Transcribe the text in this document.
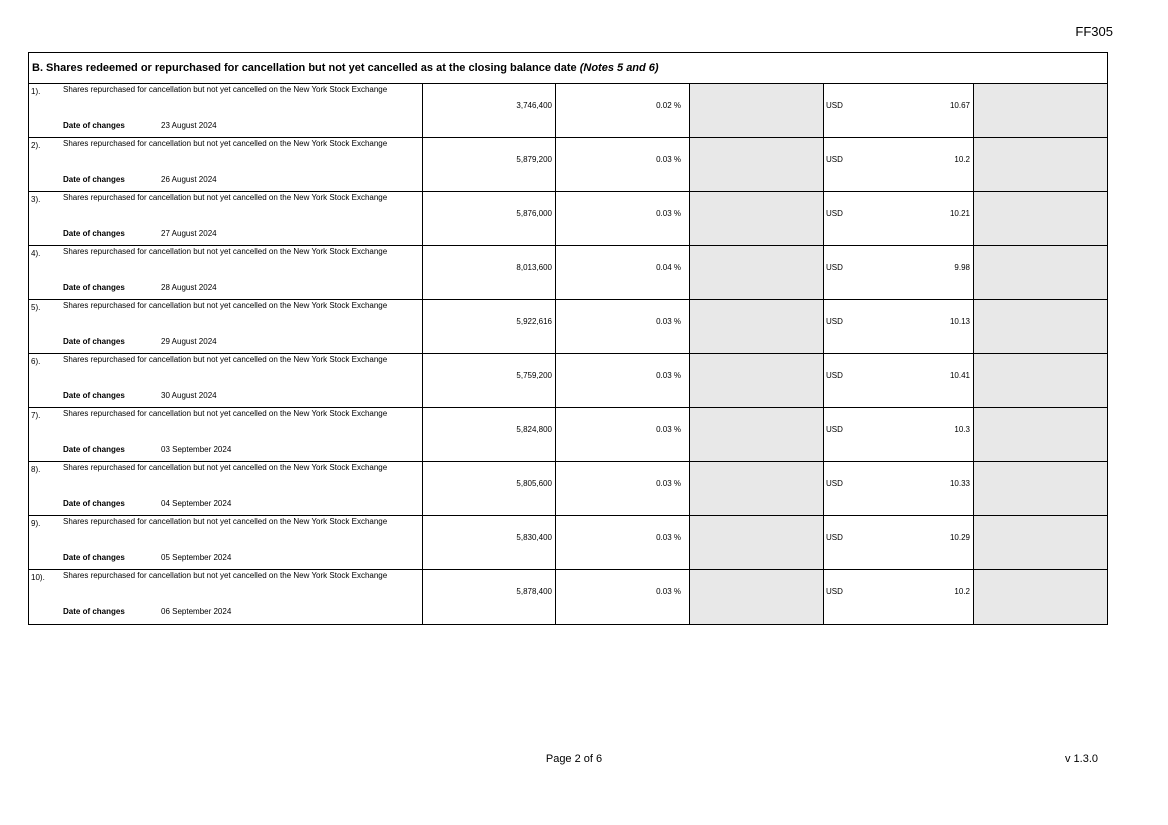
FF305
B. Shares redeemed or repurchased for cancellation but not yet cancelled as at the closing balance date (Notes 5 and 6)
1).	Shares repurchased for cancellation but not yet cancelled on the New York Stock Exchange
Date of changes	23 August 2024
3,746,400	0.02 %	USD	10.67
2).	Shares repurchased for cancellation but not yet cancelled on the New York Stock Exchange
Date of changes	26 August 2024
5,879,200	0.03 %	USD	10.2
3).	Shares repurchased for cancellation but not yet cancelled on the New York Stock Exchange
Date of changes	27 August 2024
5,876,000	0.03 %	USD	10.21
4).	Shares repurchased for cancellation but not yet cancelled on the New York Stock Exchange
Date of changes	28 August 2024
8,013,600	0.04 %	USD	9.98
5).	Shares repurchased for cancellation but not yet cancelled on the New York Stock Exchange
Date of changes	29 August 2024
5,922,616	0.03 %	USD	10.13
6).	Shares repurchased for cancellation but not yet cancelled on the New York Stock Exchange
Date of changes	30 August 2024
5,759,200	0.03 %	USD	10.41
7).	Shares repurchased for cancellation but not yet cancelled on the New York Stock Exchange
Date of changes	03 September 2024
5,824,800	0.03 %	USD	10.3
8).	Shares repurchased for cancellation but not yet cancelled on the New York Stock Exchange
Date of changes	04 September 2024
5,805,600	0.03 %	USD	10.33
9).	Shares repurchased for cancellation but not yet cancelled on the New York Stock Exchange
Date of changes	05 September 2024
5,830,400	0.03 %	USD	10.29
10). Shares repurchased for cancellation but not yet cancelled on the New York Stock Exchange
Date of changes	06 September 2024
5,878,400	0.03 %	USD	10.2
Page 2 of 6	v 1.3.0
